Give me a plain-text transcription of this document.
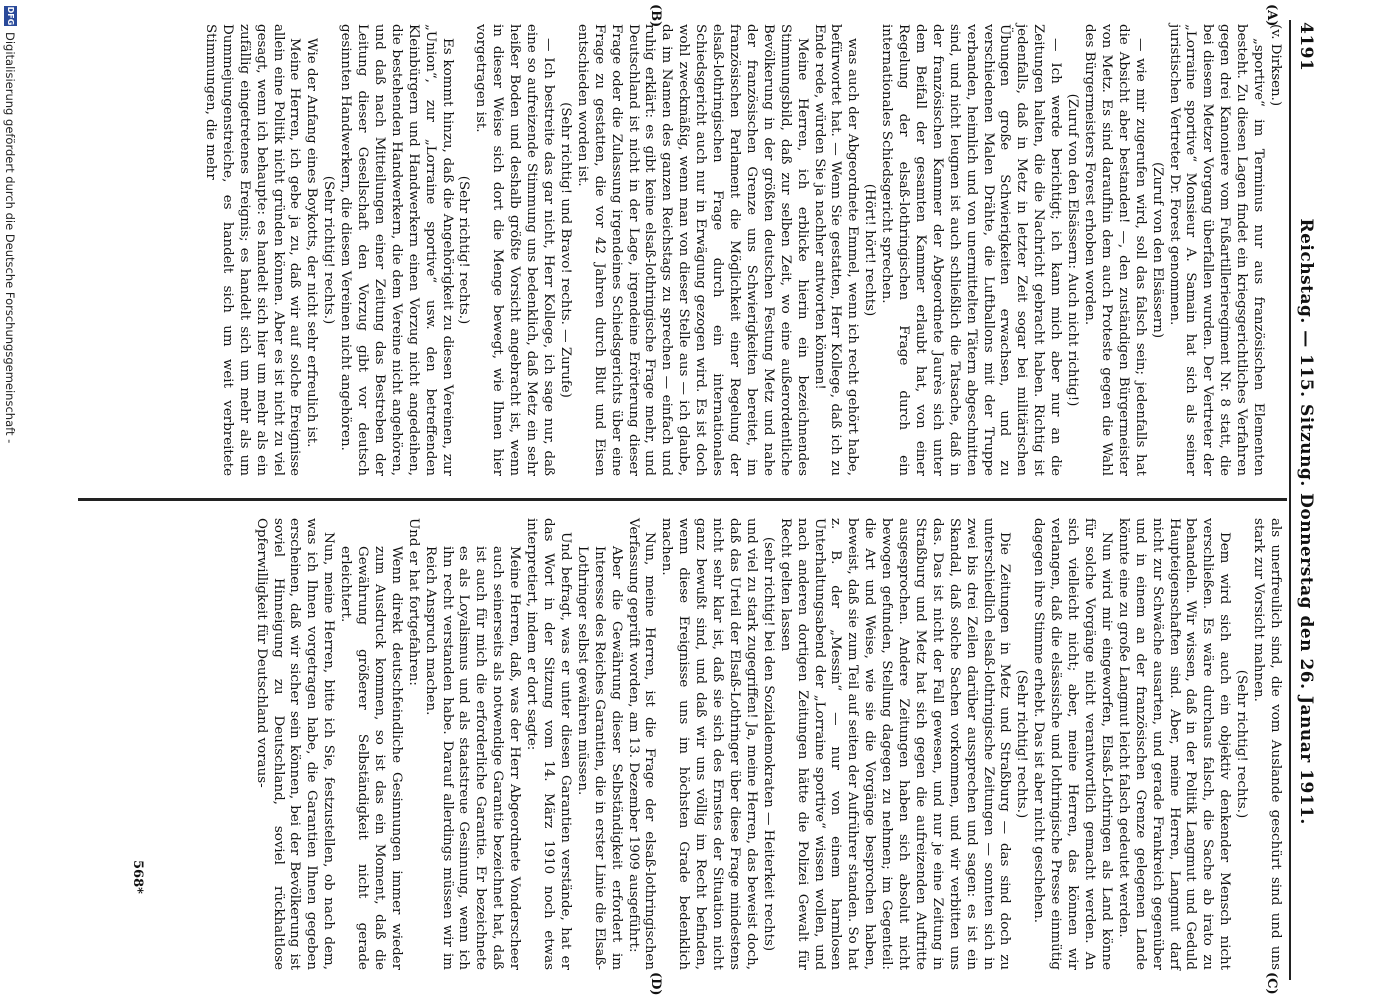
4191
Reichstag. — 115. Sitzung. Donnerstag den 26. Januar 1911.
(A)
(B)
(C)
(D)

(v. Dirksen.)

„sportive“ im Terminus nur aus französischen Elementen besteht. Zu diesen Lagen findet ein kriegsgerichtliches Verfahren gegen drei Kanoniere vom Fußartillerieregiment Nr. 8 statt, die bei diesem Metzer Vorgang überfallen wurden. Der Vertreter der „Lorraine sportive“ Monsieur A. Samain hat sich als seiner juristischen Vertreter Dr. Forest genommen.

(Zuruf von den Elsässern)

— wie mir zugerufen wird, soll das falsch sein; jedenfalls hat die Absicht aber bestanden! —, den zuständigen Bürgermeister von Metz. Es sind daraufhin dem auch Proteste gegen die Wahl des Bürgermeisters Forest erhoben worden.

(Zuruf von den Elsässern: Auch nicht richtig!)

— Ich werde berichtigt; ich kann mich aber nur an die Zeitungen halten, die die Nachricht gebracht haben. Richtig ist jedenfalls, daß in Metz in letzter Zeit sogar bei militärischen Übungen große Schwierigkeiten erwachsen, und zu verschiedenen Malen Drähte, die Luftballons mit der Truppe verbanden, heimlich und von unermittelten Tätern abgeschnitten sind, und nicht leugnen ist auch schließlich die Tatsache, daß in der französischen Kammer der Abgeordnete Jaurès sich unter dem Beifall der gesamten Kammer erlaubt hat, von einer Regelung der elsaß-lothringischen Frage durch ein internationales Schiedsgericht sprechen.

(Hört! hört! rechts)

was auch der Abgeordnete Emmel, wenn ich recht gehört habe, befürwortet hat. — Wenn Sie gestatten, Herr Kollege, daß ich zu Ende rede, würden Sie ja nachher antworten können!

Meine Herren, ich erblicke hierin ein bezeichnendes Stimmungsbild, daß zur selben Zeit, wo eine außerordentliche Bevölkerung in der größten deutschen Festung Metz und nahe der französischen Grenze uns Schwierigkeiten bereitet, im französischen Parlament die Möglichkeit einer Regelung der elsaß-lothringischen Frage durch ein internationales Schiedsgericht auch nur in Erwägung gezogen wird. Es ist doch wohl zweckmäßig, wenn man von dieser Stelle aus — ich glaube, da im Namen des ganzen Reichstags zu sprechen — einfach und ruhig erklärt: es gibt keine elsaß-lothringische Frage mehr, und Deutschland ist nicht in der Lage, irgendeine Erörterung dieser Frage oder die Zulassung irgendeines Schiedsgerichts über eine Frage zu gestatten, die vor 42 Jahren durch Blut und Eisen entschieden worden ist.

(Sehr richtig! und Bravo! rechts. — Zurufe)

— Ich bestreite das gar nicht, Herr Kollege, ich sage nur, daß eine so aufreizende Stimmung uns bedenklich, daß Metz ein sehr heißer Boden und deshalb größte Vorsicht angebracht ist, wenn in dieser Weise sich dort die Menge bewegt, wie Ihnen hier vorgetragen ist.

(Sehr richtig! rechts.)

Es kommt hinzu, daß die Angehörigkeit zu diesen Vereinen, zur „Union“, zur „Lorraine sportive“ usw. den betreffenden Kleinbürgern und Handwerkern einen Vorzug nicht angedeihen, die bestehenden Handwerkern, die dem Vereine nicht angehören, und daß nach Mitteilungen einer Zeitung das Bestreben der Leitung dieser Gesellschaft den Vorzug gibt vor deutsch gesinnten Handwerkern, die diesen Vereinen nicht angehören.

(Sehr richtig! rechts.)

Wie der Anfang eines Boykotts, der nicht sehr erfreulich ist.

Meine Herren, ich gebe ja zu, daß wir auf solche Ereignisse allein eine Politik nicht gründen können. Aber es ist nicht zu viel gesagt, wenn ich behaupte: es handelt sich hier um mehr als ein zufällig eingetretenes Ereignis; es handelt sich um mehr als um Dummejungenstreiche, es handelt sich um weit verbreitete Stimmungen, die mehr

als unerfreulich sind, die vom Auslande geschürt sind und uns stark zur Vorsicht mahnen.

(Sehr richtig! rechts.)

Dem wird sich auch ein objektiv denkender Mensch nicht verschließen. Es wäre durchaus falsch, die Sache ab irato zu behandeln. Wir wissen, daß in der Politik Langmut und Geduld Haupteigenschaften sind. Aber, meine Herren, Langmut darf nicht zur Schwäche ausarten, und gerade Frankreich gegenüber und in einem an der französischen Grenze gelegenen Lande könnte eine zu große Langmut leicht falsch gedeutet werden.

Nun wird mir eingeworfen, Elsaß-Lothringen als Land könne für solche Vorgänge nicht verantwortlich gemacht werden. An sich vielleicht nicht; aber, meine Herren, das können wir verlangen, daß die elsässische und lothringische Presse einmütig dagegen ihre Stimme erhebt. Das ist aber nicht geschehen.

(Sehr richtig! rechts.)

Die Zeitungen in Metz und Straßburg — das sind doch zu unterschiedlich elsaß-lothringische Zeitungen — sonnten sich in zwei bis drei Zeilen darüber aussprechen und sagen: es ist ein Skandal, daß solche Sachen vorkommen, und wir verbitten uns das. Das ist nicht der Fall gewesen, und nur je eine Zeitung in Straßburg und Metz hat sich gegen die aufreizenden Auftritte ausgesprochen. Andere Zeitungen haben sich absolut nicht bewogen gefunden, Stellung dagegen zu nehmen; im Gegenteil: die Art und Weise, wie sie die Vorgänge besprochen haben, beweist, daß sie zum Teil auf seiten der Aufrührer standen. So hat z. B. der „Messin“ — nur von einem harmlosen Unterhaltungsabend der „Lorraine sportive“ wissen wollen, und nach anderen dortigen Zeitungen hätte die Polizei Gewalt für Recht gelten lassen

(sehr richtig! bei den Sozialdemokraten — Heiterkeit rechts)

und viel zu stark zugegriffen! Ja, meine Herren, das beweist doch, daß das Urteil der Elsaß-Lothringer über diese Frage mindestens nicht sehr klar ist, daß sie sich des Ernstes der Situation nicht ganz bewußt sind, und daß wir uns völlig im Recht befinden, wenn diese Ereignisse uns im höchsten Grade bedenklich machen.

Nun, meine Herren, ist die Frage der elsaß-lothringischen Verfassung geprüft worden, am 13. Dezember 1909 ausgeführt:

Aber die Gewährung dieser Selbständigkeit erfordert im Interesse des Reiches Garantien, die in erster Linie die Elsaß-Lothringer selbst gewähren müssen.

Und befragt, was er unter diesen Garantien verstände, hat er das Wort in der Sitzung vom 14. März 1910 noch etwas interpretiert, indem er dort sagte:

Meine Herren, daß, was der Herr Abgeordnete Vonderscheer auch seinerseits als notwendige Garantie bezeichnet hat, daß ist auch für mich die erforderliche Garantie. Er bezeichnete es als Loyalismus und als staatstreue Gesinnung, wenn ich ihn recht verstanden habe. Darauf allerdings müssen wir im Reich Anspruch machen.

Und er hat fortgefahren:

Wenn direkt deutschfeindliche Gesinnungen immer wieder zum Ausdruck kommen, so ist das ein Moment, daß die Gewährung größerer Selbständigkeit nicht gerade erleichtert.

Nun, meine Herren, bitte ich Sie, festzustellen, ob nach dem, was ich Ihnen vorgetragen habe, die Garantien Ihnen gegeben erscheinen, daß wir sicher sein können, bei der Bevölkerung ist soviel Hinneigung zu Deutschland, soviel rückhaltlose Opferwilligkeit für Deutschland voraus-

568*
DFG
Digitalisierung gefördert durch die Deutsche Forschungsgemeinschaft -
